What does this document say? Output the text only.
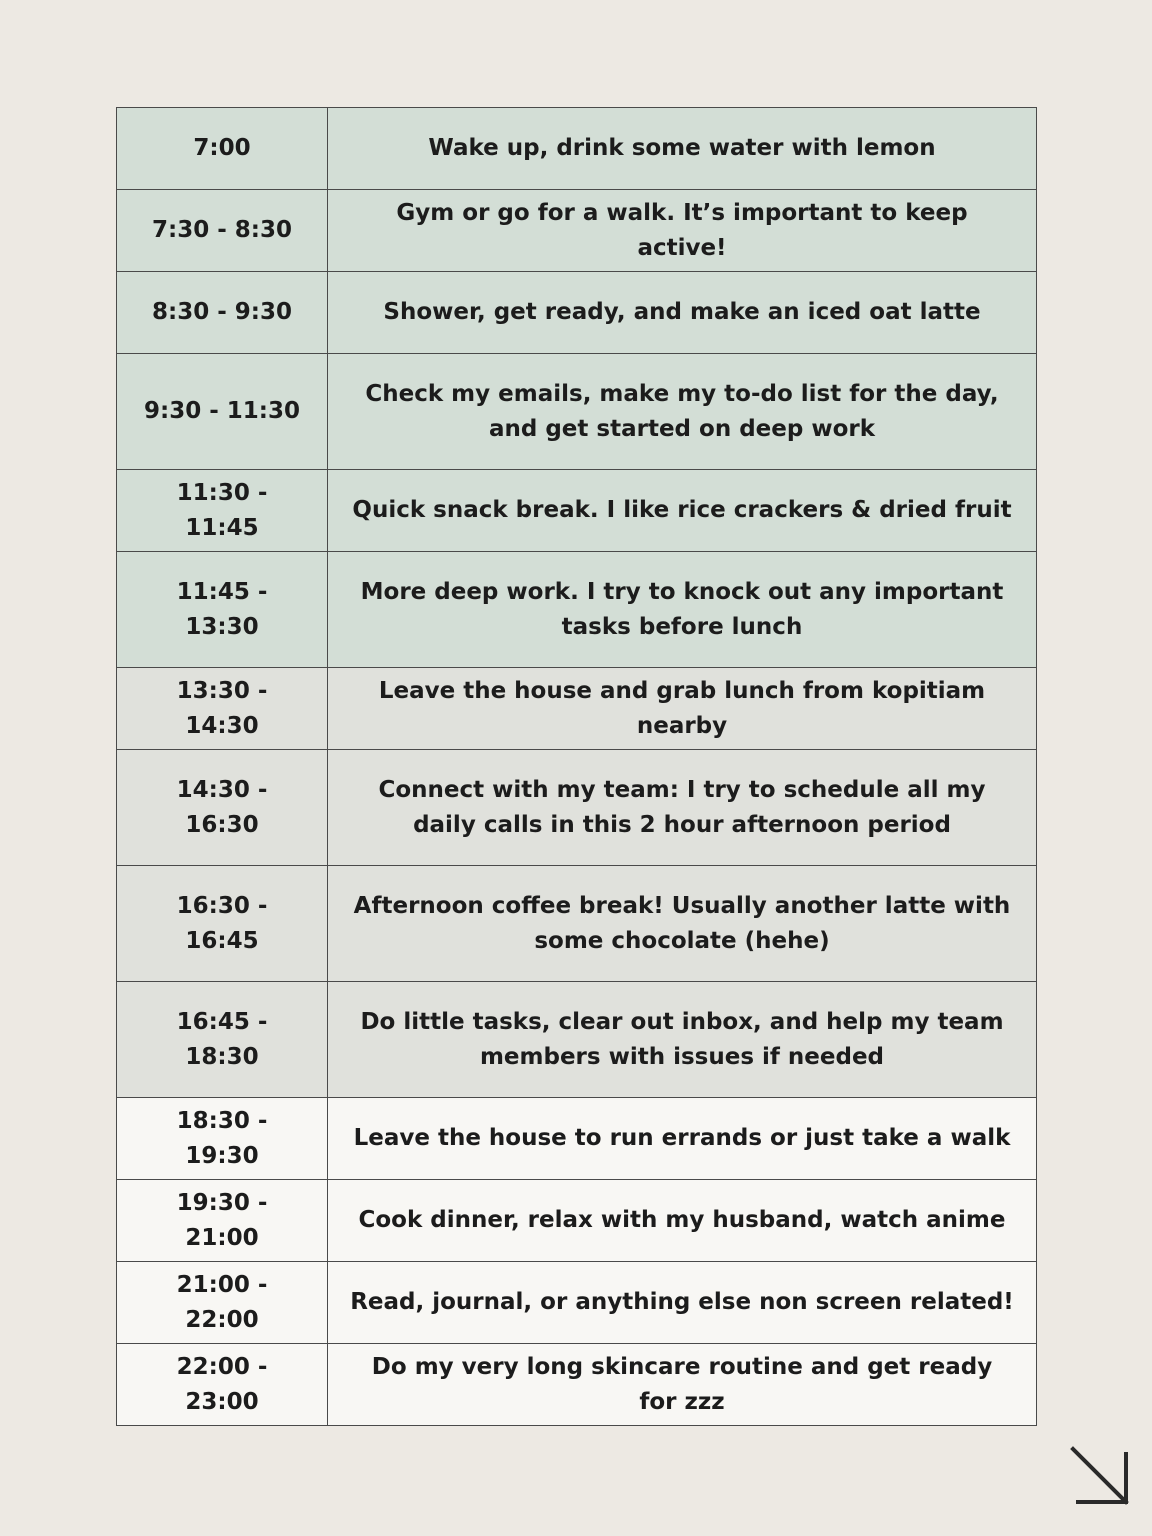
7:00	Wake up, drink some water with lemon
7:30 - 8:30	Gym or go for a walk. It’s important to keep active!
8:30 - 9:30	Shower, get ready, and make an iced oat latte
9:30 - 11:30	Check my emails, make my to-do list for the day, and get started on deep work
11:30 - 11:45	Quick snack break. I like rice crackers & dried fruit
11:45 - 13:30	More deep work. I try to knock out any important tasks before lunch
13:30 - 14:30	Leave the house and grab lunch from kopitiam nearby
14:30 - 16:30	Connect with my team: I try to schedule all my daily calls in this 2 hour afternoon period
16:30 - 16:45	Afternoon coffee break! Usually another latte with some chocolate (hehe)
16:45 - 18:30	Do little tasks, clear out inbox, and help my team members with issues if needed
18:30 - 19:30	Leave the house to run errands or just take a walk
19:30 - 21:00	Cook dinner, relax with my husband, watch anime
21:00 - 22:00	Read, journal, or anything else non screen related!
22:00 - 23:00	Do my very long skincare routine and get ready for zzz
